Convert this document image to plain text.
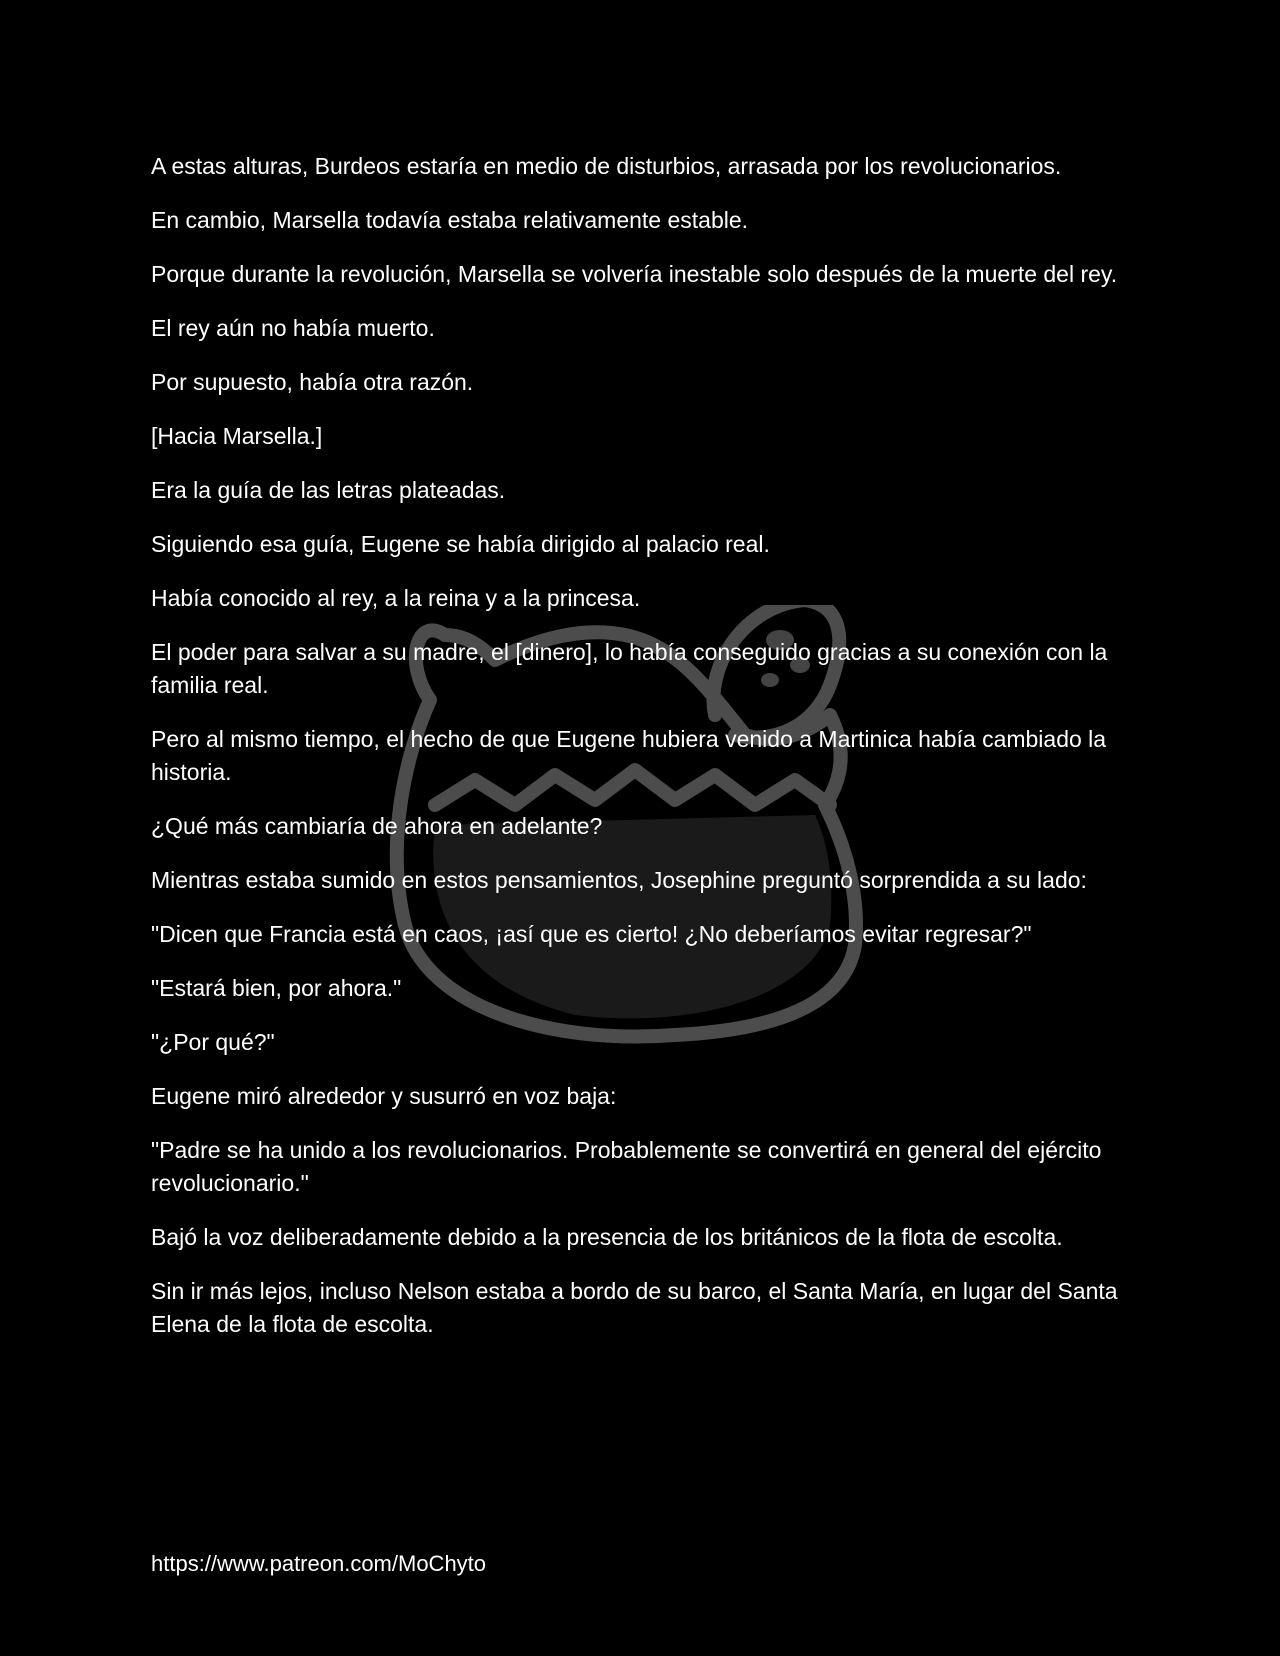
A estas alturas, Burdeos estaría en medio de disturbios, arrasada por los revolucionarios.

En cambio, Marsella todavía estaba relativamente estable.

Porque durante la revolución, Marsella se volvería inestable solo después de la muerte del rey.

El rey aún no había muerto.

Por supuesto, había otra razón.

[Hacia Marsella.]

Era la guía de las letras plateadas.

Siguiendo esa guía, Eugene se había dirigido al palacio real.

Había conocido al rey, a la reina y a la princesa.

El poder para salvar a su madre, el [dinero], lo había conseguido gracias a su conexión con la familia real.

Pero al mismo tiempo, el hecho de que Eugene hubiera venido a Martinica había cambiado la historia.

¿Qué más cambiaría de ahora en adelante?

Mientras estaba sumido en estos pensamientos, Josephine preguntó sorprendida a su lado:

"Dicen que Francia está en caos, ¡así que es cierto! ¿No deberíamos evitar regresar?"

"Estará bien, por ahora."

"¿Por qué?"

Eugene miró alrededor y susurró en voz baja:

"Padre se ha unido a los revolucionarios. Probablemente se convertirá en general del ejército revolucionario."

Bajó la voz deliberadamente debido a la presencia de los británicos de la flota de escolta.

Sin ir más lejos, incluso Nelson estaba a bordo de su barco, el Santa María, en lugar del Santa Elena de la flota de escolta.

https://www.patreon.com/MoChyto
